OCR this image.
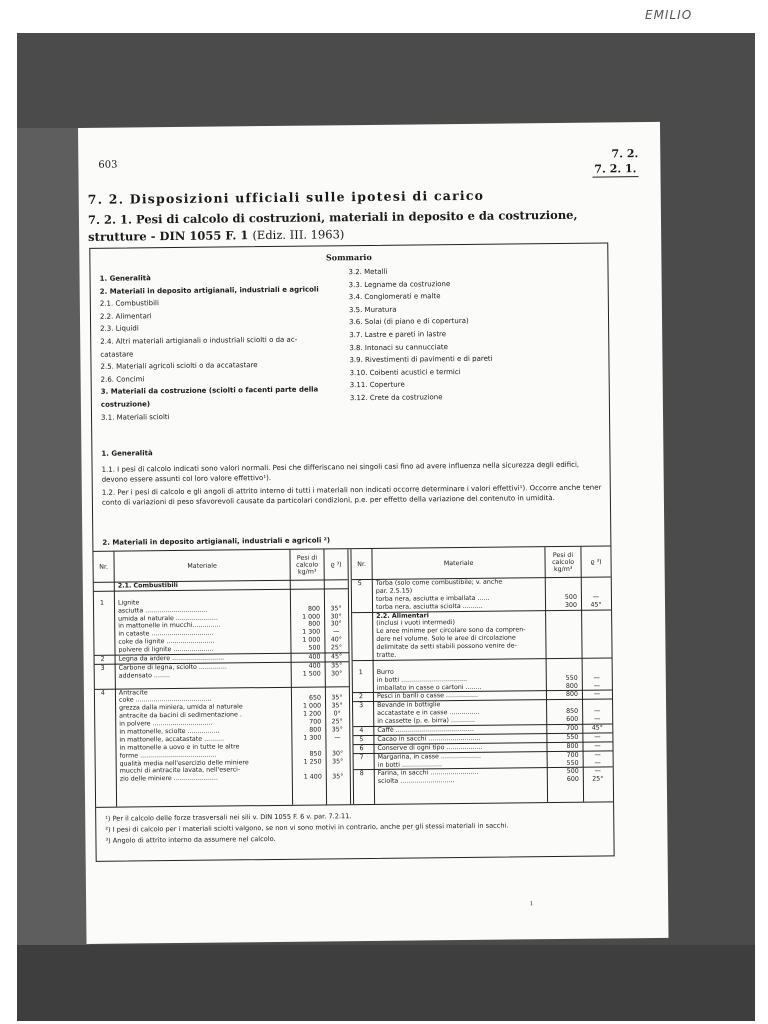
EMILIO
603
7. 2.
7. 2. 1.
7. 2. Disposizioni ufficiali sulle ipotesi di carico
7. 2. 1. Pesi di calcolo di costruzioni, materiali in deposito e da costruzione, strutture - DIN 1055 F. 1 (Ediz. III. 1963)
Sommario
1. Generalità
2. Materiali in deposito artigianali, industriali e agricoli
2.1. Combustibili
2.2. Alimentari
2.3. Liquidi
2.4. Altri materiali artigianali o industriali sciolti o da ac-
catastare
2.5. Materiali agricoli sciolti o da accatastare
2.6. Concimi
3. Materiali da costruzione (sciolti o facenti parte della
costruzione)
3.1. Materiali sciolti
3.2. Metalli
3.3. Legname da costruzione
3.4. Conglomerati e malte
3.5. Muratura
3.6. Solai (di piano e di copertura)
3.7. Lastre e pareti in lastre
3.8. Intonaci su cannucciate
3.9. Rivestimenti di pavimenti e di pareti
3.10. Coibenti acustici e termici
3.11. Coperture
3.12. Crete da costruzione

1. Generalità

1.1. I pesi di calcolo indicati sono valori normali. Pesi che differiscano nei singoli casi fino ad avere influenza nella sicurezza degli edifici, devono essere assunti col loro valore effettivo¹).

1.2. Per i pesi di calcolo e gli angoli di attrito interno di tutti i materiali non indicati occorre determinare i valori effettivi¹). Occorre anche tener conto di variazioni di peso sfavorevoli causate da particolari condizioni, p.e. per effetto della variazione del contenuto in umidità.

2. Materiali in deposito artigianali, industriali e agricoli ²)
Nr.	Materiale
Pesi di calcolo kg/m³
ϱ ³)
2.1. Combustibili
1 Lignite
asciutta ...............................	800	35°
umida al naturale .....................	1 000	30°
in mattonelle in mucchi..............	800	30°
in cataste ...............................	1 300	—
coke da lignite ........................	1 000	40°
polvere di lignite ....................	500	25°
2 Legna da ardere ..........................	400	45°
3 Carbone di legna, sciolto ..............	400	35°
addensato ........	1 500	30°
4 Antracite
coke ......................................	650	35°
grezza dalla miniera, umida al naturale	1 000	35°
antracite da bacini di sedimentazione .	1 200	0°
in polvere ..............................	700	25°
in mattonelle, sciolte ................	800	35°
in mattonelle, accatastate ..........	1 300	—
in mattonelle a uovo e in tutte le altre
forme ......................................	850	30°
qualità media nell'esercizio delle miniere	1 250	35°
mucchi di antracite lavata, nell'eserci-
zio delle miniere ......................	1 400	35°
Nr.	Materiale
Pesi di calcolo kg/m³
ϱ ³)
5 Torba (solo come combustibile; v. anche
par. 2.5.15)
torba nera, asciutta e imballata ......	500	—
torba nera, asciutta sciolta ..........	300	45°
2.2. Alimentari
(inclusi i vuoti intermedi)
Le aree minime per circolare sono da compren-
dere nel volume. Solo le aree di circolazione
delimitate da setti stabili possono venire de-
tratte.
1 Burro
in botti .................................	550	—
imballato in casse o cartoni ........	800	—
2 Pesci in barili o casse ................	800	—
3 Bevande in bottiglie
accatastate e in casse ...............	850	—
in cassette (p. e. birra) ............	600	—
4 Caffè .......................................	700	45°
5 Cacao in sacchi ..........................	550	—
6 Conserve di ogni tipo ..................	800	—
7 Margarina, in casse ....................	700	—
in botti ....................	550	—
8 Farina, in sacchi ........................	500	—
sciolta ...........................	600	25°
¹) Per il calcolo delle forze trasversali nei sili v. DIN 1055 F. 6 v. par. 7.2.11.
²) I pesi di calcolo per i materiali sciolti valgono, se non vi sono motivi in contrario, anche per gli stessi materiali in sacchi.
³) Angolo di attrito interno da assumere nel calcolo.
ı
